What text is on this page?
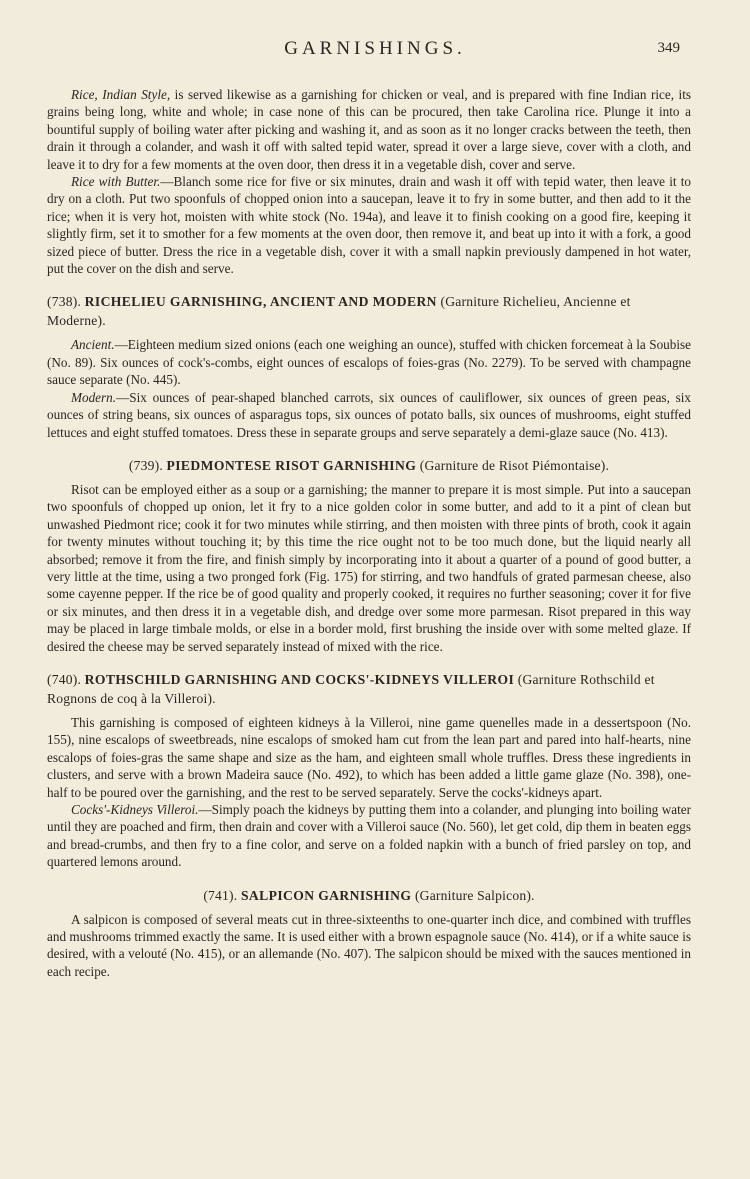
GARNISHINGS.	349

Rice, Indian Style, is served likewise as a garnishing for chicken or veal, and is prepared with fine Indian rice, its grains being long, white and whole; in case none of this can be procured, then take Carolina rice. Plunge it into a bountiful supply of boiling water after picking and washing it, and as soon as it no longer cracks between the teeth, then drain it through a colander, and wash it off with salted tepid water, spread it over a large sieve, cover with a cloth, and leave it to dry for a few moments at the oven door, then dress it in a vegetable dish, cover and serve.

Rice with Butter.—Blanch some rice for five or six minutes, drain and wash it off with tepid water, then leave it to dry on a cloth. Put two spoonfuls of chopped onion into a saucepan, leave it to fry in some butter, and then add to it the rice; when it is very hot, moisten with white stock (No. 194a), and leave it to finish cooking on a good fire, keeping it slightly firm, set it to smother for a few moments at the oven door, then remove it, and beat up into it with a fork, a good sized piece of butter. Dress the rice in a vegetable dish, cover it with a small napkin previously dampened in hot water, put the cover on the dish and serve.

(738). RICHELIEU GARNISHING, ANCIENT AND MODERN (Garniture Richelieu, Ancienne et Moderne).

Ancient.—Eighteen medium sized onions (each one weighing an ounce), stuffed with chicken forcemeat à la Soubise (No. 89). Six ounces of cock's-combs, eight ounces of escalops of foies-gras (No. 2279). To be served with champagne sauce separate (No. 445).

Modern.—Six ounces of pear-shaped blanched carrots, six ounces of cauliflower, six ounces of green peas, six ounces of string beans, six ounces of asparagus tops, six ounces of potato balls, six ounces of mushrooms, eight stuffed lettuces and eight stuffed tomatoes. Dress these in separate groups and serve separately a demi-glaze sauce (No. 413).

(739). PIEDMONTESE RISOT GARNISHING (Garniture de Risot Piémontaise).

Risot can be employed either as a soup or a garnishing; the manner to prepare it is most simple. Put into a saucepan two spoonfuls of chopped up onion, let it fry to a nice golden color in some butter, and add to it a pint of clean but unwashed Piedmont rice; cook it for two minutes while stirring, and then moisten with three pints of broth, cook it again for twenty minutes without touching it; by this time the rice ought not to be too much done, but the liquid nearly all absorbed; remove it from the fire, and finish simply by incorporating into it about a quarter of a pound of good butter, a very little at the time, using a two pronged fork (Fig. 175) for stirring, and two handfuls of grated parmesan cheese, also some cayenne pepper. If the rice be of good quality and properly cooked, it requires no further seasoning; cover it for five or six minutes, and then dress it in a vegetable dish, and dredge over some more parmesan. Risot prepared in this way may be placed in large timbale molds, or else in a border mold, first brushing the inside over with some melted glaze. If desired the cheese may be served separately instead of mixed with the rice.

(740). ROTHSCHILD GARNISHING AND COCKS'-KIDNEYS VILLEROI (Garniture Rothschild et Rognons de coq à la Villeroi).

This garnishing is composed of eighteen kidneys à la Villeroi, nine game quenelles made in a dessertspoon (No. 155), nine escalops of sweetbreads, nine escalops of smoked ham cut from the lean part and pared into half-hearts, nine escalops of foies-gras the same shape and size as the ham, and eighteen small whole truffles. Dress these ingredients in clusters, and serve with a brown Madeira sauce (No. 492), to which has been added a little game glaze (No. 398), one-half to be poured over the garnishing, and the rest to be served separately. Serve the cocks'-kidneys apart.

Cocks'-Kidneys Villeroi.—Simply poach the kidneys by putting them into a colander, and plunging into boiling water until they are poached and firm, then drain and cover with a Villeroi sauce (No. 560), let get cold, dip them in beaten eggs and bread-crumbs, and then fry to a fine color, and serve on a folded napkin with a bunch of fried parsley on top, and quartered lemons around.

(741). SALPICON GARNISHING (Garniture Salpicon).

A salpicon is composed of several meats cut in three-sixteenths to one-quarter inch dice, and combined with truffles and mushrooms trimmed exactly the same. It is used either with a brown espagnole sauce (No. 414), or if a white sauce is desired, with a velouté (No. 415), or an allemande (No. 407). The salpicon should be mixed with the sauces mentioned in each recipe.
